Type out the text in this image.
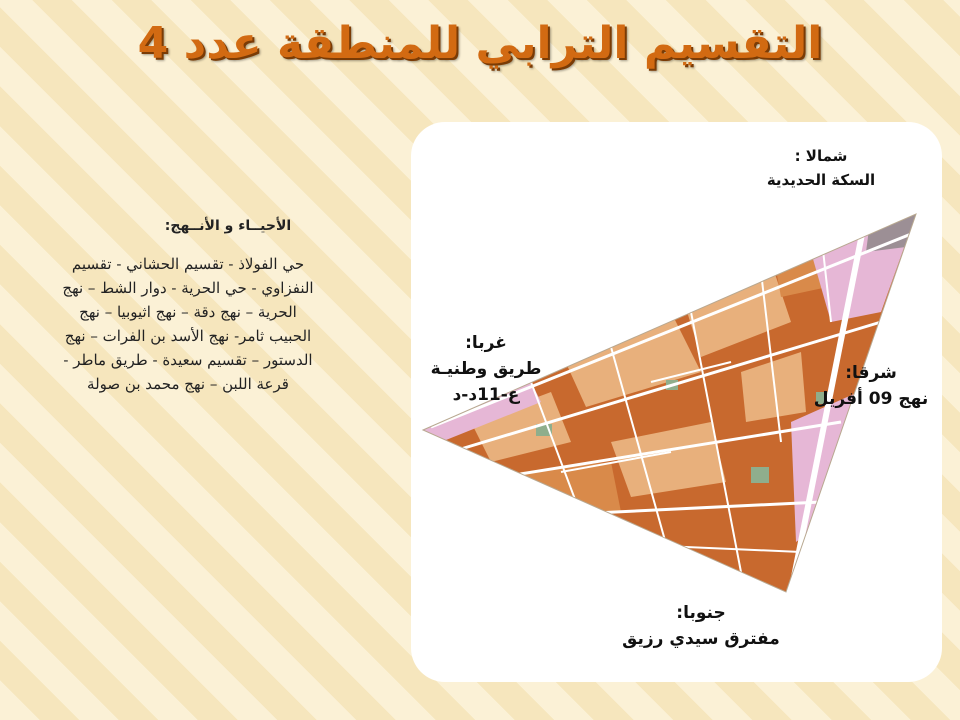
التقسيم الترابي للمنطقة عدد 4
الأحيــاء و الأنــهج:
حي الفولاذ - تقسيم الحشاني - تقسيم
النفزاوي - حي الحرية - دوار الشط – نهج
الحرية – نهج دقة – نهج اثيوبيا – نهج
الحبيب ثامر- نهج الأسد بن الفرات – نهج
الدستور – تقسيم سعيدة - طريق ماطر -
قرعة اللبن – نهج محمد بن صولة
شمالا :
السكة الحديدية
غربا:
طريق وطنيـة
ع-11د-د
شرقا:
نهج 09 أفريل
جنوبا:
مفترق سيدي رزيق
